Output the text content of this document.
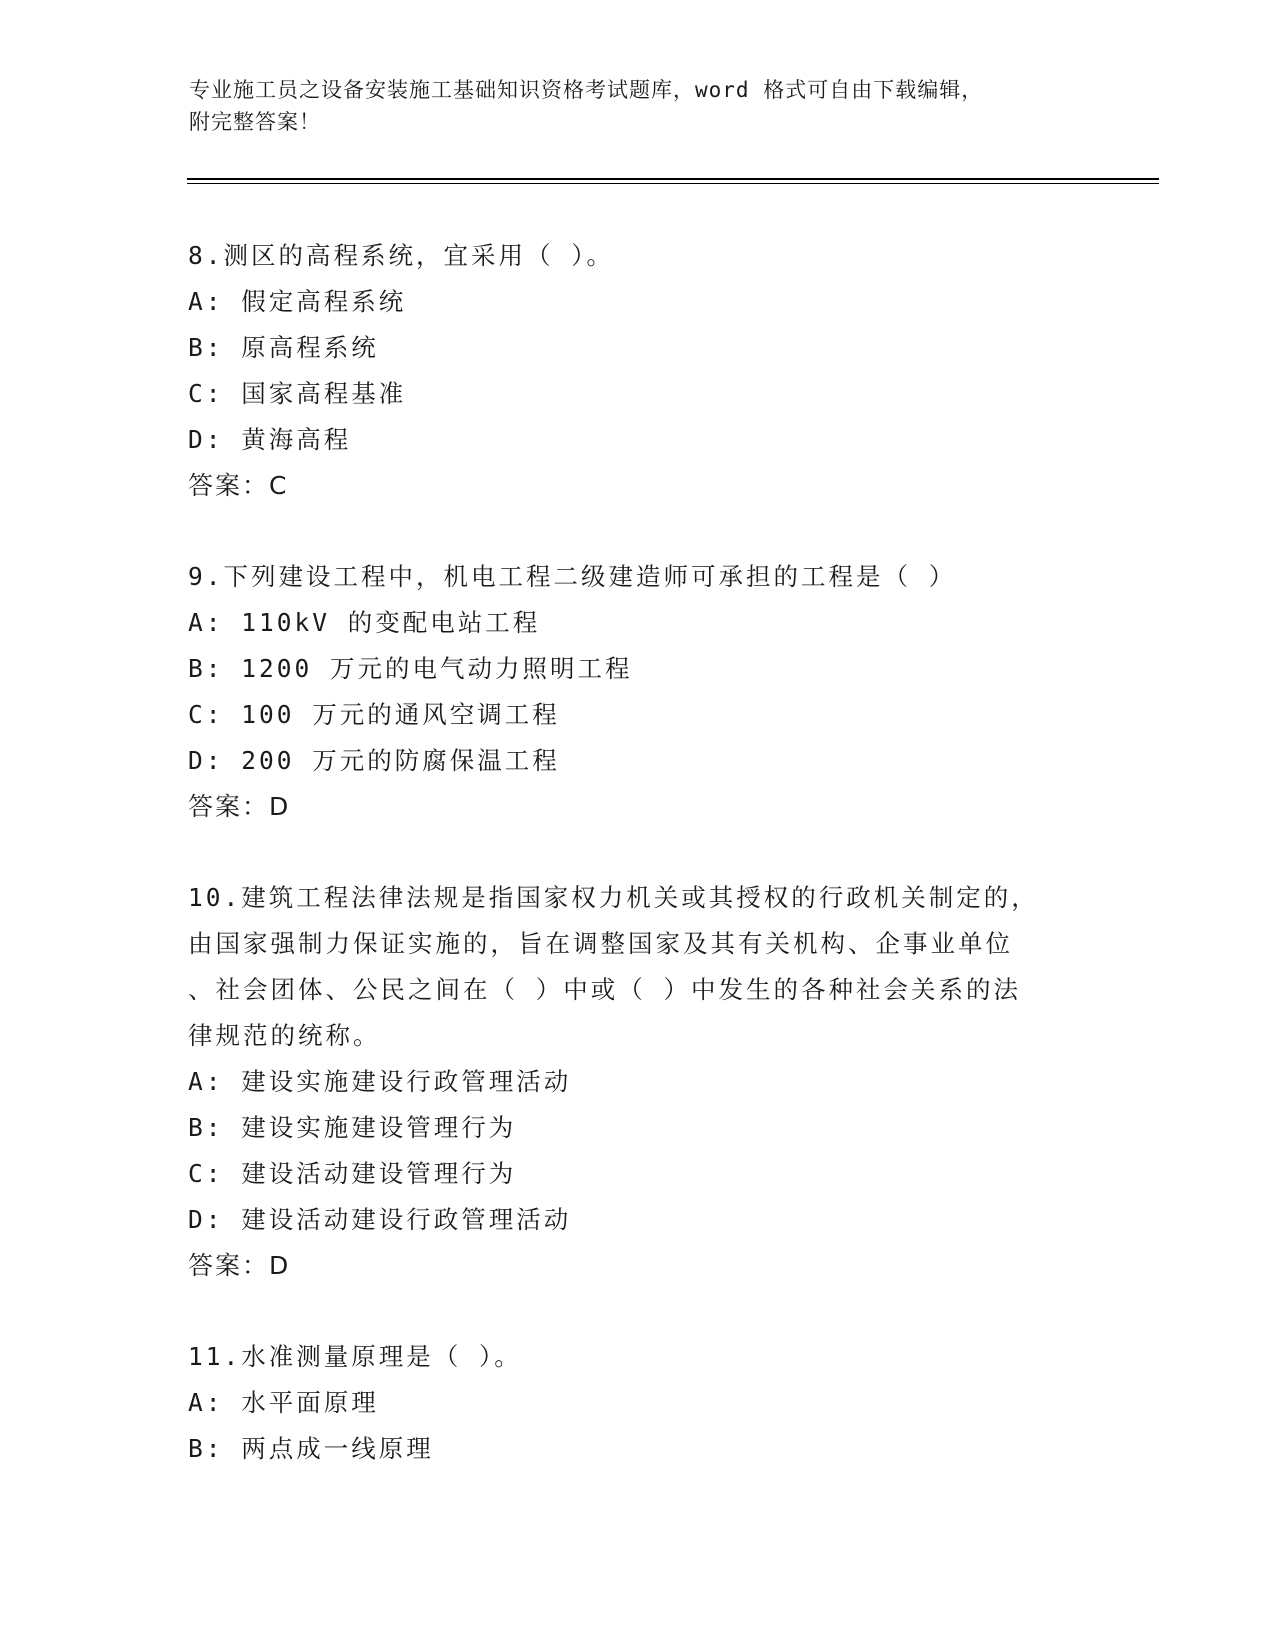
专业施工员之设备安装施工基础知识资格考试题库，word 格式可自由下载编辑，
附完整答案！
8.测区的高程系统，宜采用（ ）。
A: 假定高程系统
B: 原高程系统
C: 国家高程基准
D: 黄海高程
答案：C
9.下列建设工程中，机电工程二级建造师可承担的工程是（ ）
A: 110kV 的变配电站工程
B: 1200 万元的电气动力照明工程
C: 100 万元的通风空调工程
D: 200 万元的防腐保温工程
答案：D
10.建筑工程法律法规是指国家权力机关或其授权的行政机关制定的，
由国家强制力保证实施的，旨在调整国家及其有关机构、企事业单位
、社会团体、公民之间在（ ）中或（ ）中发生的各种社会关系的法
律规范的统称。
A: 建设实施建设行政管理活动
B: 建设实施建设管理行为
C: 建设活动建设管理行为
D: 建设活动建设行政管理活动
答案：D
11.水准测量原理是（ ）。
A: 水平面原理
B: 两点成一线原理
